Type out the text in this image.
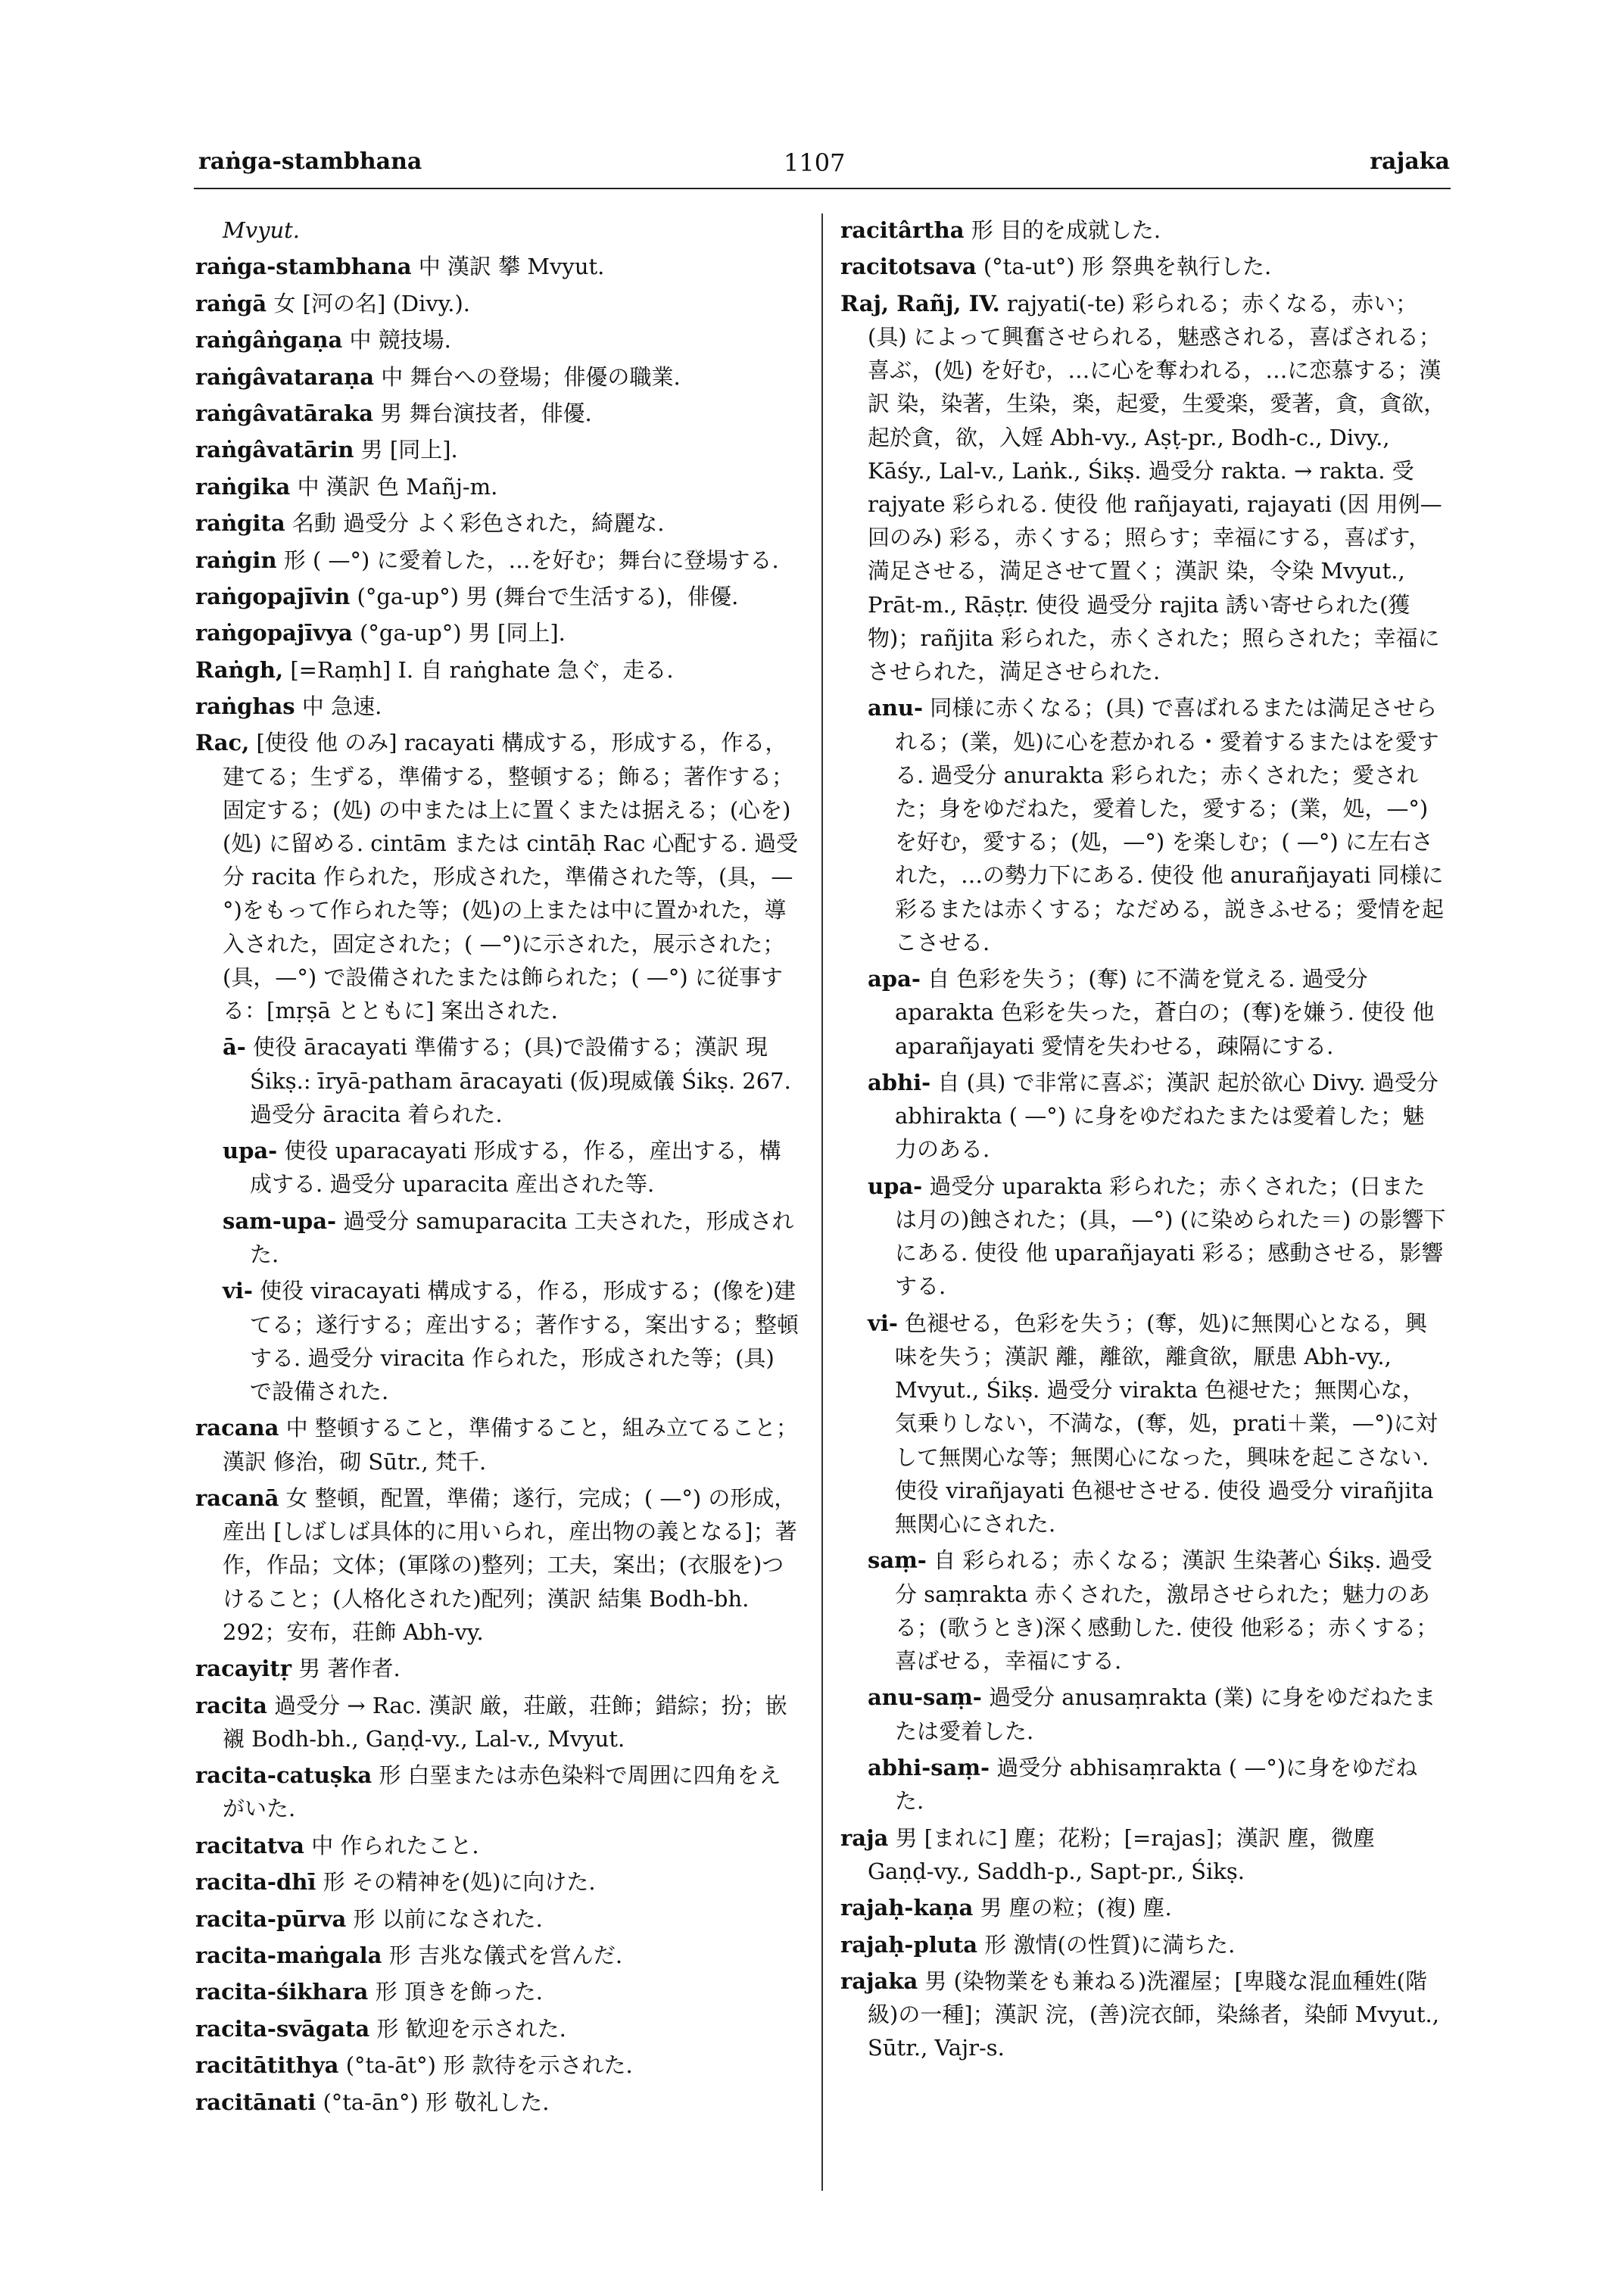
raṅga-stambhana	1107	rajaka
Mvyut.
raṅga-stambhana 中 漢訳 攀 Mvyut.
raṅgā 女 [河の名] (Divy.).
raṅgâṅgaṇa 中 競技場.
raṅgâvataraṇa 中 舞台への登場；俳優の職業.
raṅgâvatāraka 男 舞台演技者，俳優.
raṅgâvatārin 男 [同上].
raṅgika 中 漢訳 色 Mañj-m.
raṅgita 名動 過受分 よく彩色された，綺麗な.
raṅgin 形 ( —°) に愛着した，…を好む；舞台に登場する.
raṅgopajīvin (°ga-up°) 男 (舞台で生活する)，俳優.
raṅgopajīvya (°ga-up°) 男 [同上].
Raṅgh, [=Raṃh] I. 自 raṅghate 急ぐ，走る.
raṅghas 中 急速.
Rac, [使役 他 のみ] racayati 構成する，形成する，作る，建てる；生ずる，準備する，整頓する；飾る；著作する；固定する；(処) の中または上に置くまたは据える；(心を) (処) に留める. cintām または cintāḥ Rac 心配する. 過受分 racita 作られた，形成された，準備された等，(具，—°)をもって作られた等；(処)の上または中に置かれた，導入された，固定された；( —°)に示された，展示された；(具，—°) で設備されたまたは飾られた；( —°) に従事する：[mṛṣā とともに] 案出された.
ā- 使役 āracayati 準備する；(具)で設備する；漢訳 現 Śikṣ.: īryā-patham āracayati (仮)現威儀 Śikṣ. 267. 過受分 āracita 着られた.
upa- 使役 uparacayati 形成する，作る，産出する，構成する. 過受分 uparacita 産出された等.
sam-upa- 過受分 samuparacita 工夫された，形成された.
vi- 使役 viracayati 構成する，作る，形成する；(像を)建てる；遂行する；産出する；著作する，案出する；整頓する. 過受分 viracita 作られた，形成された等；(具) で設備された.
racana 中 整頓すること，準備すること，組み立てること；漢訳 修治，砌 Sūtr., 梵千.
racanā 女 整頓，配置，準備；遂行，完成；( —°) の形成，産出 [しばしば具体的に用いられ，産出物の義となる]；著作，作品；文体；(軍隊の)整列；工夫，案出；(衣服を)つけること；(人格化された)配列；漢訳 結集 Bodh-bh. 292；安布，荘飾 Abh-vy.
racayitṛ 男 著作者.
racita 過受分 → Rac. 漢訳 厳，荘厳，荘飾；錯綜；扮；嵌襯 Bodh-bh., Gaṇḍ-vy., Lal-v., Mvyut.
racita-catuṣka 形 白堊または赤色染料で周囲に四角をえがいた.
racitatva 中 作られたこと.
racita-dhī 形 その精神を(処)に向けた.
racita-pūrva 形 以前になされた.
racita-maṅgala 形 吉兆な儀式を営んだ.
racita-śikhara 形 頂きを飾った.
racita-svāgata 形 歓迎を示された.
racitātithya (°ta-āt°) 形 款待を示された.
racitānati (°ta-ān°) 形 敬礼した.
racitârtha 形 目的を成就した.
racitotsava (°ta-ut°) 形 祭典を執行した.
Raj, Rañj, IV. rajyati(-te) 彩られる；赤くなる，赤い；(具) によって興奮させられる，魅惑される，喜ばされる；喜ぶ，(処) を好む，…に心を奪われる，…に恋慕する；漢訳 染，染著，生染，楽，起愛，生愛楽，愛著，貪，貪欲，起於貪，欲，入婬 Abh-vy., Aṣṭ-pr., Bodh-c., Divy., Kāśy., Lal-v., Laṅk., Śikṣ. 過受分 rakta. → rakta. 受 rajyate 彩られる. 使役 他 rañjayati, rajayati (因 用例—回のみ) 彩る，赤くする；照らす；幸福にする，喜ばす，満足させる，満足させて置く；漢訳 染，令染 Mvyut., Prāt-m., Rāṣṭr. 使役 過受分 rajita 誘い寄せられた(獲物)；rañjita 彩られた，赤くされた；照らされた；幸福にさせられた，満足させられた.
anu- 同様に赤くなる；(具) で喜ばれるまたは満足させられる；(業，処)に心を惹かれる・愛着するまたはを愛する. 過受分 anurakta 彩られた；赤くされた；愛された；身をゆだねた，愛着した，愛する；(業，処，—°)を好む，愛する；(処，—°) を楽しむ；( —°) に左右された，…の勢力下にある. 使役 他 anurañjayati 同様に彩るまたは赤くする；なだめる，説きふせる；愛情を起こさせる.
apa- 自 色彩を失う；(奪) に不満を覚える. 過受分 aparakta 色彩を失った，蒼白の；(奪)を嫌う. 使役 他 aparañjayati 愛情を失わせる，疎隔にする.
abhi- 自 (具) で非常に喜ぶ；漢訳 起於欲心 Divy. 過受分 abhirakta ( —°) に身をゆだねたまたは愛着した；魅力のある.
upa- 過受分 uparakta 彩られた；赤くされた；(日または月の)蝕された；(具，—°) (に染められた＝) の影響下にある. 使役 他 uparañjayati 彩る；感動させる，影響する.
vi- 色褪せる，色彩を失う；(奪，処)に無関心となる，興味を失う；漢訳 離，離欲，離貪欲，厭患 Abh-vy., Mvyut., Śikṣ. 過受分 virakta 色褪せた；無関心な，気乗りしない，不満な，(奪，処，prati＋業，—°)に対して無関心な等；無関心になった，興味を起こさない. 使役 virañjayati 色褪せさせる. 使役 過受分 virañjita 無関心にされた.
saṃ- 自 彩られる；赤くなる；漢訳 生染著心 Śikṣ. 過受分 saṃrakta 赤くされた，激昂させられた；魅力のある；(歌うとき)深く感動した. 使役 他彩る；赤くする；喜ばせる，幸福にする.
anu-saṃ- 過受分 anusaṃrakta (業) に身をゆだねたまたは愛着した.
abhi-saṃ- 過受分 abhisaṃrakta ( —°)に身をゆだねた.
raja 男 [まれに] 塵；花粉；[=rajas]；漢訳 塵，微塵 Gaṇḍ-vy., Saddh-p., Sapt-pr., Śikṣ.
rajaḥ-kaṇa 男 塵の粒；(複) 塵.
rajaḥ-pluta 形 激情(の性質)に満ちた.
rajaka 男 (染物業をも兼ねる)洗濯屋；[卑賤な混血種姓(階級)の一種]；漢訳 浣，(善)浣衣師，染絲者，染師 Mvyut., Sūtr., Vajr-s.
